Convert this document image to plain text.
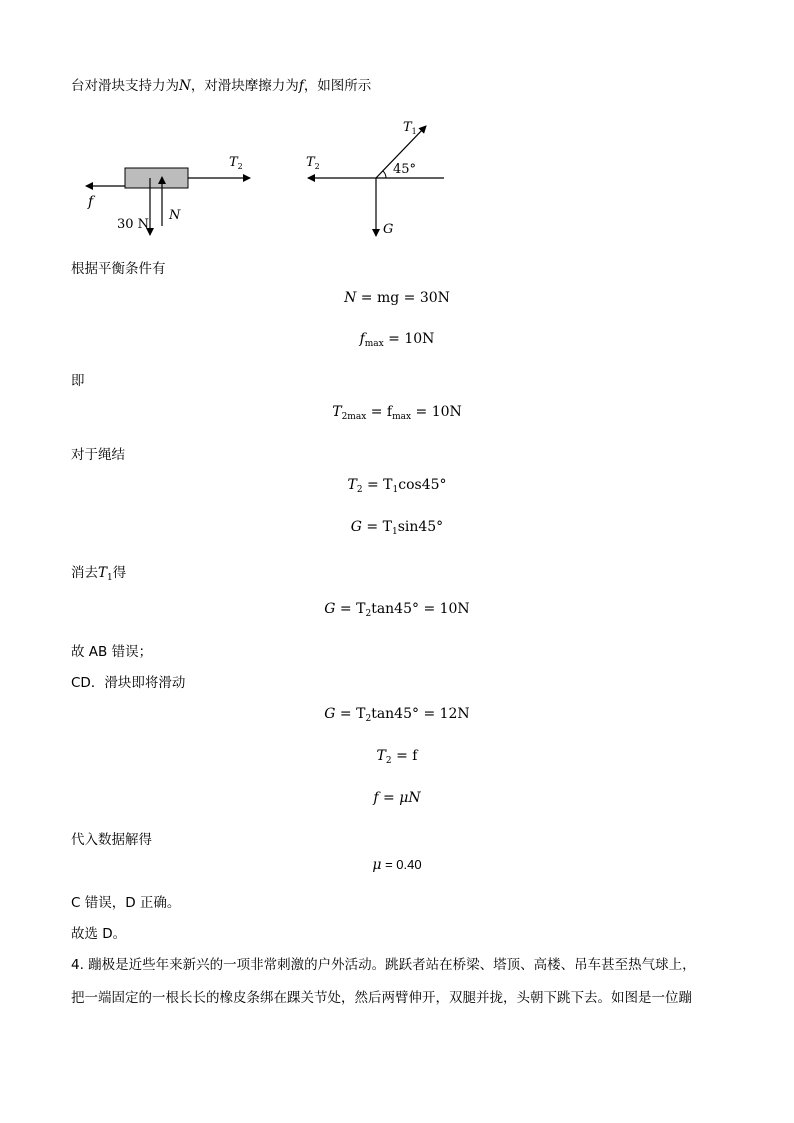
台对滑块支持力为N，对滑块摩擦力为f，如图所示
f
$T_2$
30 N
N
$T_1$
$T_2$	45°
G
根据平衡条件有
N = mg = 30N
$f_{max} = 10N$
即
$T_{2max} = f_{max} = 10N$
对于绳结
$T_2 = T_1\cos 45^\circ$
$G = T_1\sin 45^\circ$
消去$T_1$得
$G = T_2\tan 45^\circ = 10N$
故 AB 错误；
CD．滑块即将滑动
$G = T_2\tan 45^\circ = 12N$
$T_2 = f$
f = μN
代入数据解得
μ = 0.40
C 错误，D 正确。
故选 D。
4. 蹦极是近些年来新兴的一项非常刺激的户外活动。跳跃者站在桥梁、塔顶、高楼、吊车甚至热气球上，
把一端固定的一根长长的橡皮条绑在踝关节处，然后两臂伸开，双腿并拢，头朝下跳下去。如图是一位蹦
